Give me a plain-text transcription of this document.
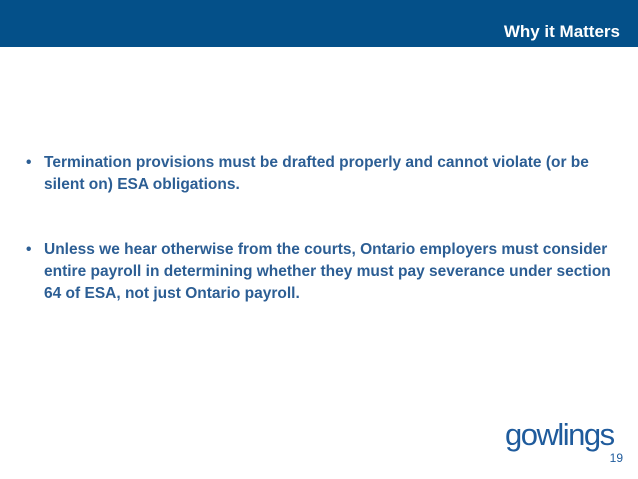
Why it Matters
• Termination provisions must be drafted properly and cannot violate (or be silent on) ESA obligations.
• Unless we hear otherwise from the courts, Ontario employers must consider entire payroll in determining whether they must pay severance under section 64 of ESA, not just Ontario payroll.
gowlings
19
